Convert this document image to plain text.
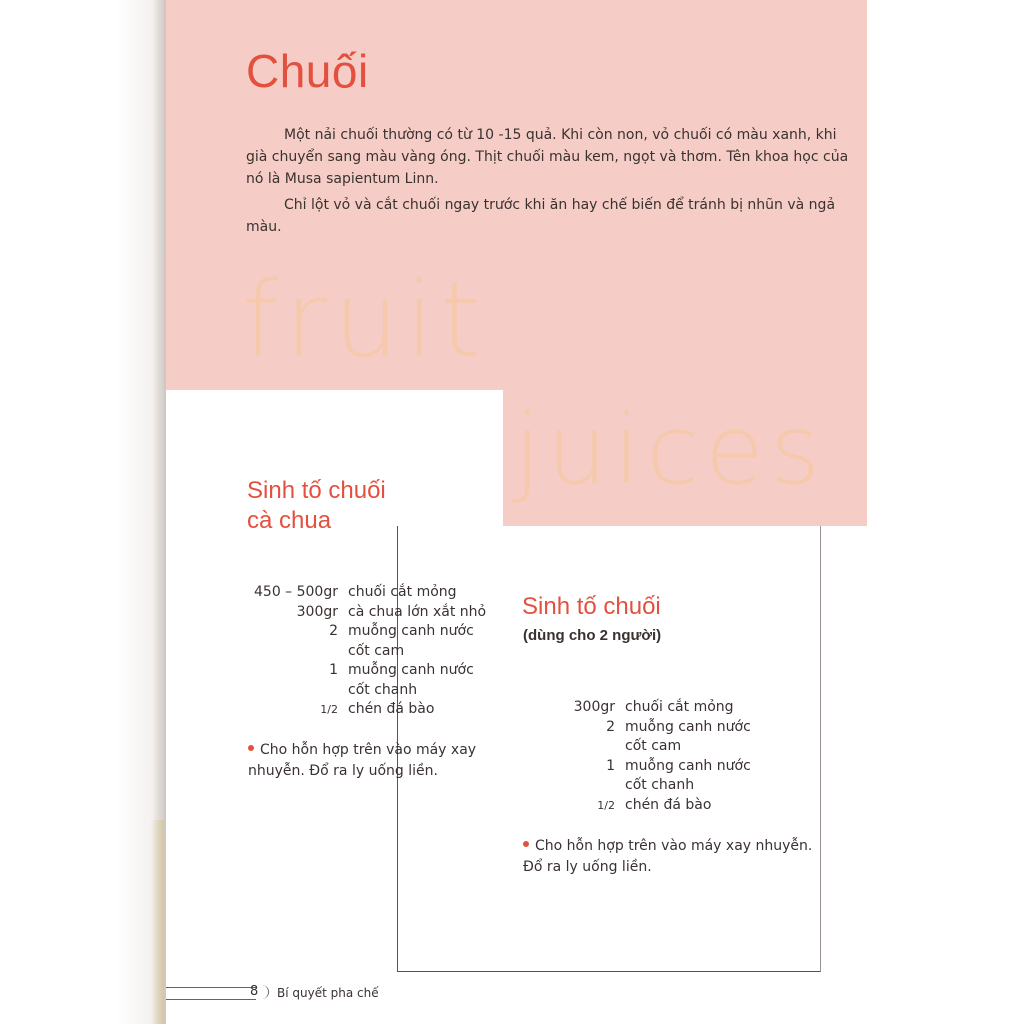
Chuối

Một nải chuối thường có từ 10 -15 quả. Khi còn non, vỏ chuối có màu xanh, khi già chuyển sang màu vàng óng. Thịt chuối màu kem, ngọt và thơm. Tên khoa học của nó là Musa sapientum Linn.

Chỉ lột vỏ và cắt chuối ngay trước khi ăn hay chế biến để tránh bị nhũn và ngả màu.

fruit
juices
Sinh tố chuối
cà chua
450 – 500gr chuối cắt mỏng
300gr cà chua lớn xắt nhỏ
2 muỗng canh nước
cốt cam
1 muỗng canh nước
cốt chanh
1/2 chén đá bào
Cho hỗn hợp trên vào máy xay nhuyễn. Đổ ra ly uống liền.
Sinh tố chuối
(dùng cho 2 người)
300gr chuối cắt mỏng
2 muỗng canh nước
cốt cam
1 muỗng canh nước
cốt chanh
1/2 chén đá bào
Cho hỗn hợp trên vào máy xay nhuyễn. Đổ ra ly uống liền.
8 Bí quyết pha chế
